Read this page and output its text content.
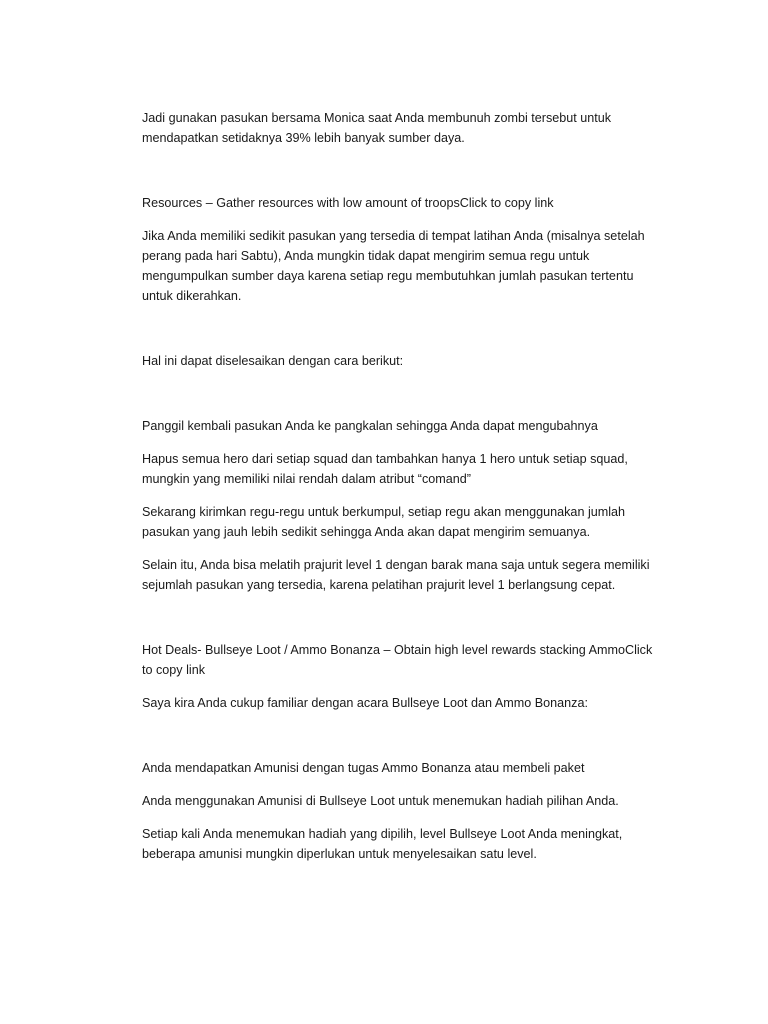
Jadi gunakan pasukan bersama Monica saat Anda membunuh zombi tersebut untuk mendapatkan setidaknya 39% lebih banyak sumber daya.

Resources – Gather resources with low amount of troopsClick to copy link

Jika Anda memiliki sedikit pasukan yang tersedia di tempat latihan Anda (misalnya setelah perang pada hari Sabtu), Anda mungkin tidak dapat mengirim semua regu untuk mengumpulkan sumber daya karena setiap regu membutuhkan jumlah pasukan tertentu untuk dikerahkan.

Hal ini dapat diselesaikan dengan cara berikut:

Panggil kembali pasukan Anda ke pangkalan sehingga Anda dapat mengubahnya

Hapus semua hero dari setiap squad dan tambahkan hanya 1 hero untuk setiap squad, mungkin yang memiliki nilai rendah dalam atribut “comand”

Sekarang kirimkan regu-regu untuk berkumpul, setiap regu akan menggunakan jumlah pasukan yang jauh lebih sedikit sehingga Anda akan dapat mengirim semuanya.

Selain itu, Anda bisa melatih prajurit level 1 dengan barak mana saja untuk segera memiliki sejumlah pasukan yang tersedia, karena pelatihan prajurit level 1 berlangsung cepat.

Hot Deals- Bullseye Loot / Ammo Bonanza – Obtain high level rewards stacking AmmoClick to copy link

Saya kira Anda cukup familiar dengan acara Bullseye Loot dan Ammo Bonanza:

Anda mendapatkan Amunisi dengan tugas Ammo Bonanza atau membeli paket

Anda menggunakan Amunisi di Bullseye Loot untuk menemukan hadiah pilihan Anda.

Setiap kali Anda menemukan hadiah yang dipilih, level Bullseye Loot Anda meningkat, beberapa amunisi mungkin diperlukan untuk menyelesaikan satu level.
